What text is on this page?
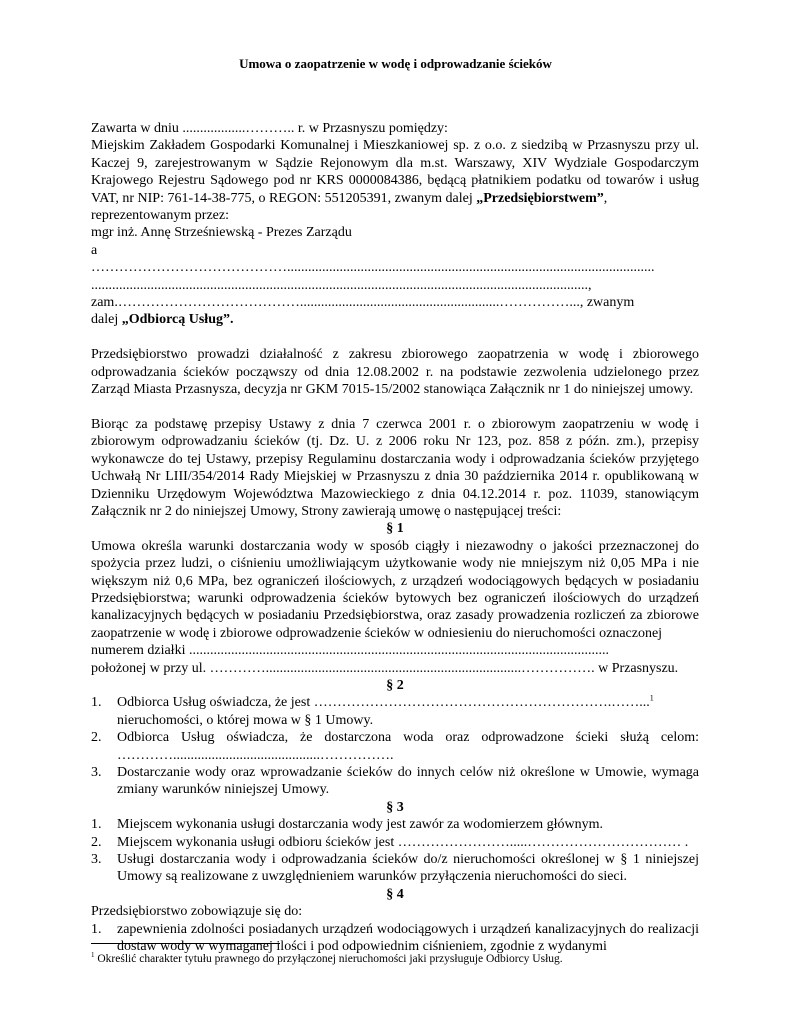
Umowa o zaopatrzenie w wodę i odprowadzanie ścieków

Zawarta w dniu ..................……….. r. w Przasnyszu pomiędzy:

Miejskim Zakładem Gospodarki Komunalnej i Mieszkaniowej sp. z o.o. z siedzibą w Przasnyszu przy ul. Kaczej 9, zarejestrowanym w Sądzie Rejonowym dla m.st. Warszawy, XIV Wydziale Gospodarczym Krajowego Rejestru Sądowego pod nr KRS 0000084386, będącą płatnikiem podatku od towarów i usług VAT, nr NIP: 761-14-38-775, o REGON: 551205391, zwanym dalej „Przedsiębiorstwem”,

reprezentowanym przez:

mgr inż. Annę Strześniewską - Prezes Zarządu

a

…………………………………….........................................................................................................

..............................................................................................................................................,

zam.………………………………….........................................................……………..., zwanym

dalej „Odbiorcą Usług”.

Przedsiębiorstwo prowadzi działalność z zakresu zbiorowego zaopatrzenia w wodę i zbiorowego odprowadzania ścieków począwszy od dnia 12.08.2002 r. na podstawie zezwolenia udzielonego przez Zarząd Miasta Przasnysza, decyzja nr GKM 7015-15/2002 stanowiąca Załącznik nr 1 do niniejszej umowy.

Biorąc za podstawę przepisy Ustawy z dnia 7 czerwca 2001 r. o zbiorowym zaopatrzeniu w wodę i zbiorowym odprowadzaniu ścieków (tj. Dz. U. z 2006 roku Nr 123, poz. 858 z późn. zm.), przepisy wykonawcze do tej Ustawy, przepisy Regulaminu dostarczania wody i odprowadzania ścieków przyjętego Uchwałą Nr LIII/354/2014 Rady Miejskiej w Przasnyszu z dnia 30 października 2014 r. opublikowaną w Dzienniku Urzędowym Województwa Mazowieckiego z dnia 04.12.2014 r. poz. 11039, stanowiącym Załącznik nr 2 do niniejszej Umowy, Strony zawierają umowę o następującej treści:

§ 1

Umowa określa warunki dostarczania wody w sposób ciągły i niezawodny o jakości przeznaczonej do spożycia przez ludzi, o ciśnieniu umożliwiającym użytkowanie wody nie mniejszym niż 0,05 MPa i nie większym niż 0,6 MPa, bez ograniczeń ilościowych, z urządzeń wodociągowych będących w posiadaniu Przedsiębiorstwa; warunki odprowadzenia ścieków bytowych bez ograniczeń ilościowych do urządzeń kanalizacyjnych będących w posiadaniu Przedsiębiorstwa, oraz zasady prowadzenia rozliczeń za zbiorowe zaopatrzenie w wodę i zbiorowe odprowadzenie ścieków w odniesieniu do nieruchomości oznaczonej

numerem działki ........................................................................................................................

położonej w przy ul. ………….........................................................................……………. w Przasnyszu.

§ 2

1. Odbiorca Usług oświadcza, że jest ……………………………………………………….……...$^1$
nieruchomości, o której mowa w § 1 Umowy.
2. Odbiorca Usług oświadcza, że dostarczona woda oraz odprowadzone ścieki służą celom:
…………..........................................…………….
3. Dostarczanie wody oraz wprowadzanie ścieków do innych celów niż określone w Umowie, wymaga zmiany warunków niniejszej Umowy.

§ 3

1. Miejscem wykonania usługi dostarczania wody jest zawór za wodomierzem głównym.
2. Miejscem wykonania usługi odbioru ścieków jest …………………….....…………………………… .
3. Usługi dostarczania wody i odprowadzania ścieków do/z nieruchomości określonej w § 1 niniejszej Umowy są realizowane z uwzględnieniem warunków przyłączenia nieruchomości do sieci.

§ 4

Przedsiębiorstwo zobowiązuje się do:

1. zapewnienia zdolności posiadanych urządzeń wodociągowych i urządzeń kanalizacyjnych do realizacji dostaw wody w wymaganej ilości i pod odpowiednim ciśnieniem, zgodnie z wydanymi
$^1$ Określić charakter tytułu prawnego do przyłączonej nieruchomości jaki przysługuje Odbiorcy Usług.
